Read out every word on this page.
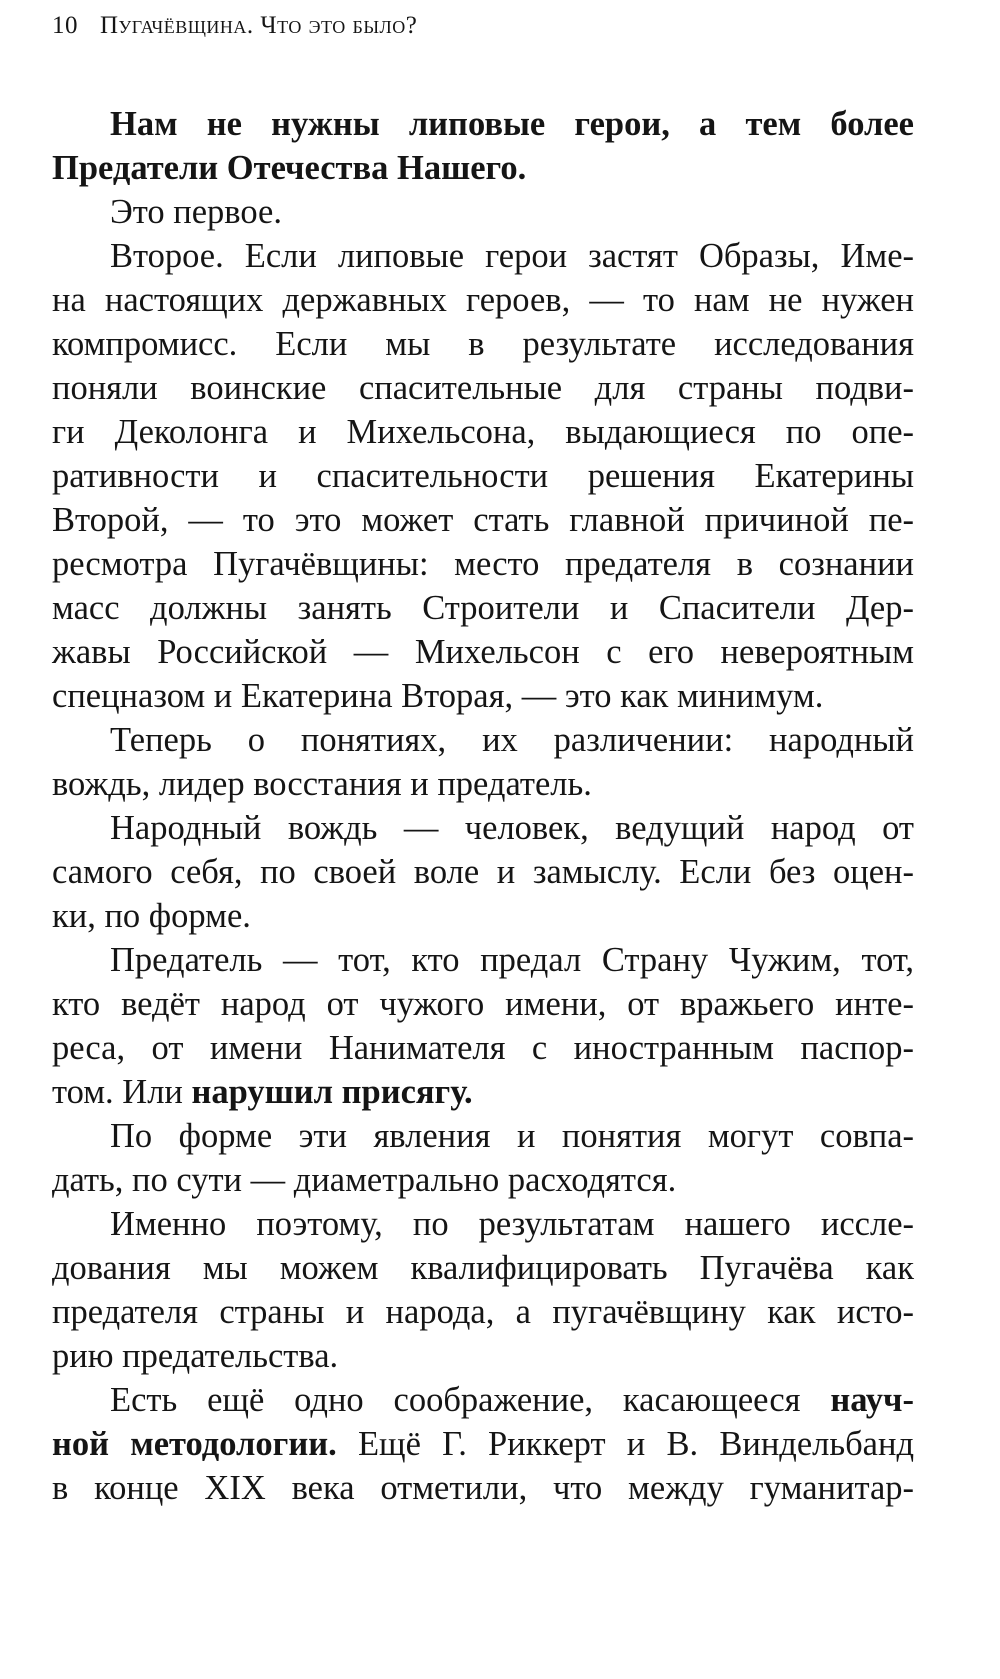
10 Пугачёвщина. Что это было?
Нам не нужны липовые герои, а тем более
Предатели Отечества Нашего.
Это первое.
Второе. Если липовые герои застят Образы, Име-
на настоящих державных героев, — то нам не нужен
компромисс. Если мы в результате исследования
поняли воинские спасительные для страны подви-
ги Деколонга и Михельсона, выдающиеся по опе-
ративности и спасительности решения Екатерины
Второй, — то это может стать главной причиной пе-
ресмотра Пугачёвщины: место предателя в сознании
масс должны занять Строители и Спасители Дер-
жавы Российской — Михельсон с его невероятным
спецназом и Екатерина Вторая, — это как минимум.
Теперь о понятиях, их различении: народный
вождь, лидер восстания и предатель.
Народный вождь — человек, ведущий народ от
самого себя, по своей воле и замыслу. Если без оцен-
ки, по форме.
Предатель — тот, кто предал Страну Чужим, тот,
кто ведёт народ от чужого имени, от вражьего инте-
реса, от имени Нанимателя с иностранным паспор-
том. Или нарушил присягу.
По форме эти явления и понятия могут совпа-
дать, по сути — диаметрально расходятся.
Именно поэтому, по результатам нашего иссле-
дования мы можем квалифицировать Пугачёва как
предателя страны и народа, а пугачёвщину как исто-
рию предательства.
Есть ещё одно соображение, касающееся науч-
ной методологии. Ещё Г. Риккерт и В. Виндельбанд
в конце XIX века отметили, что между гуманитар-
